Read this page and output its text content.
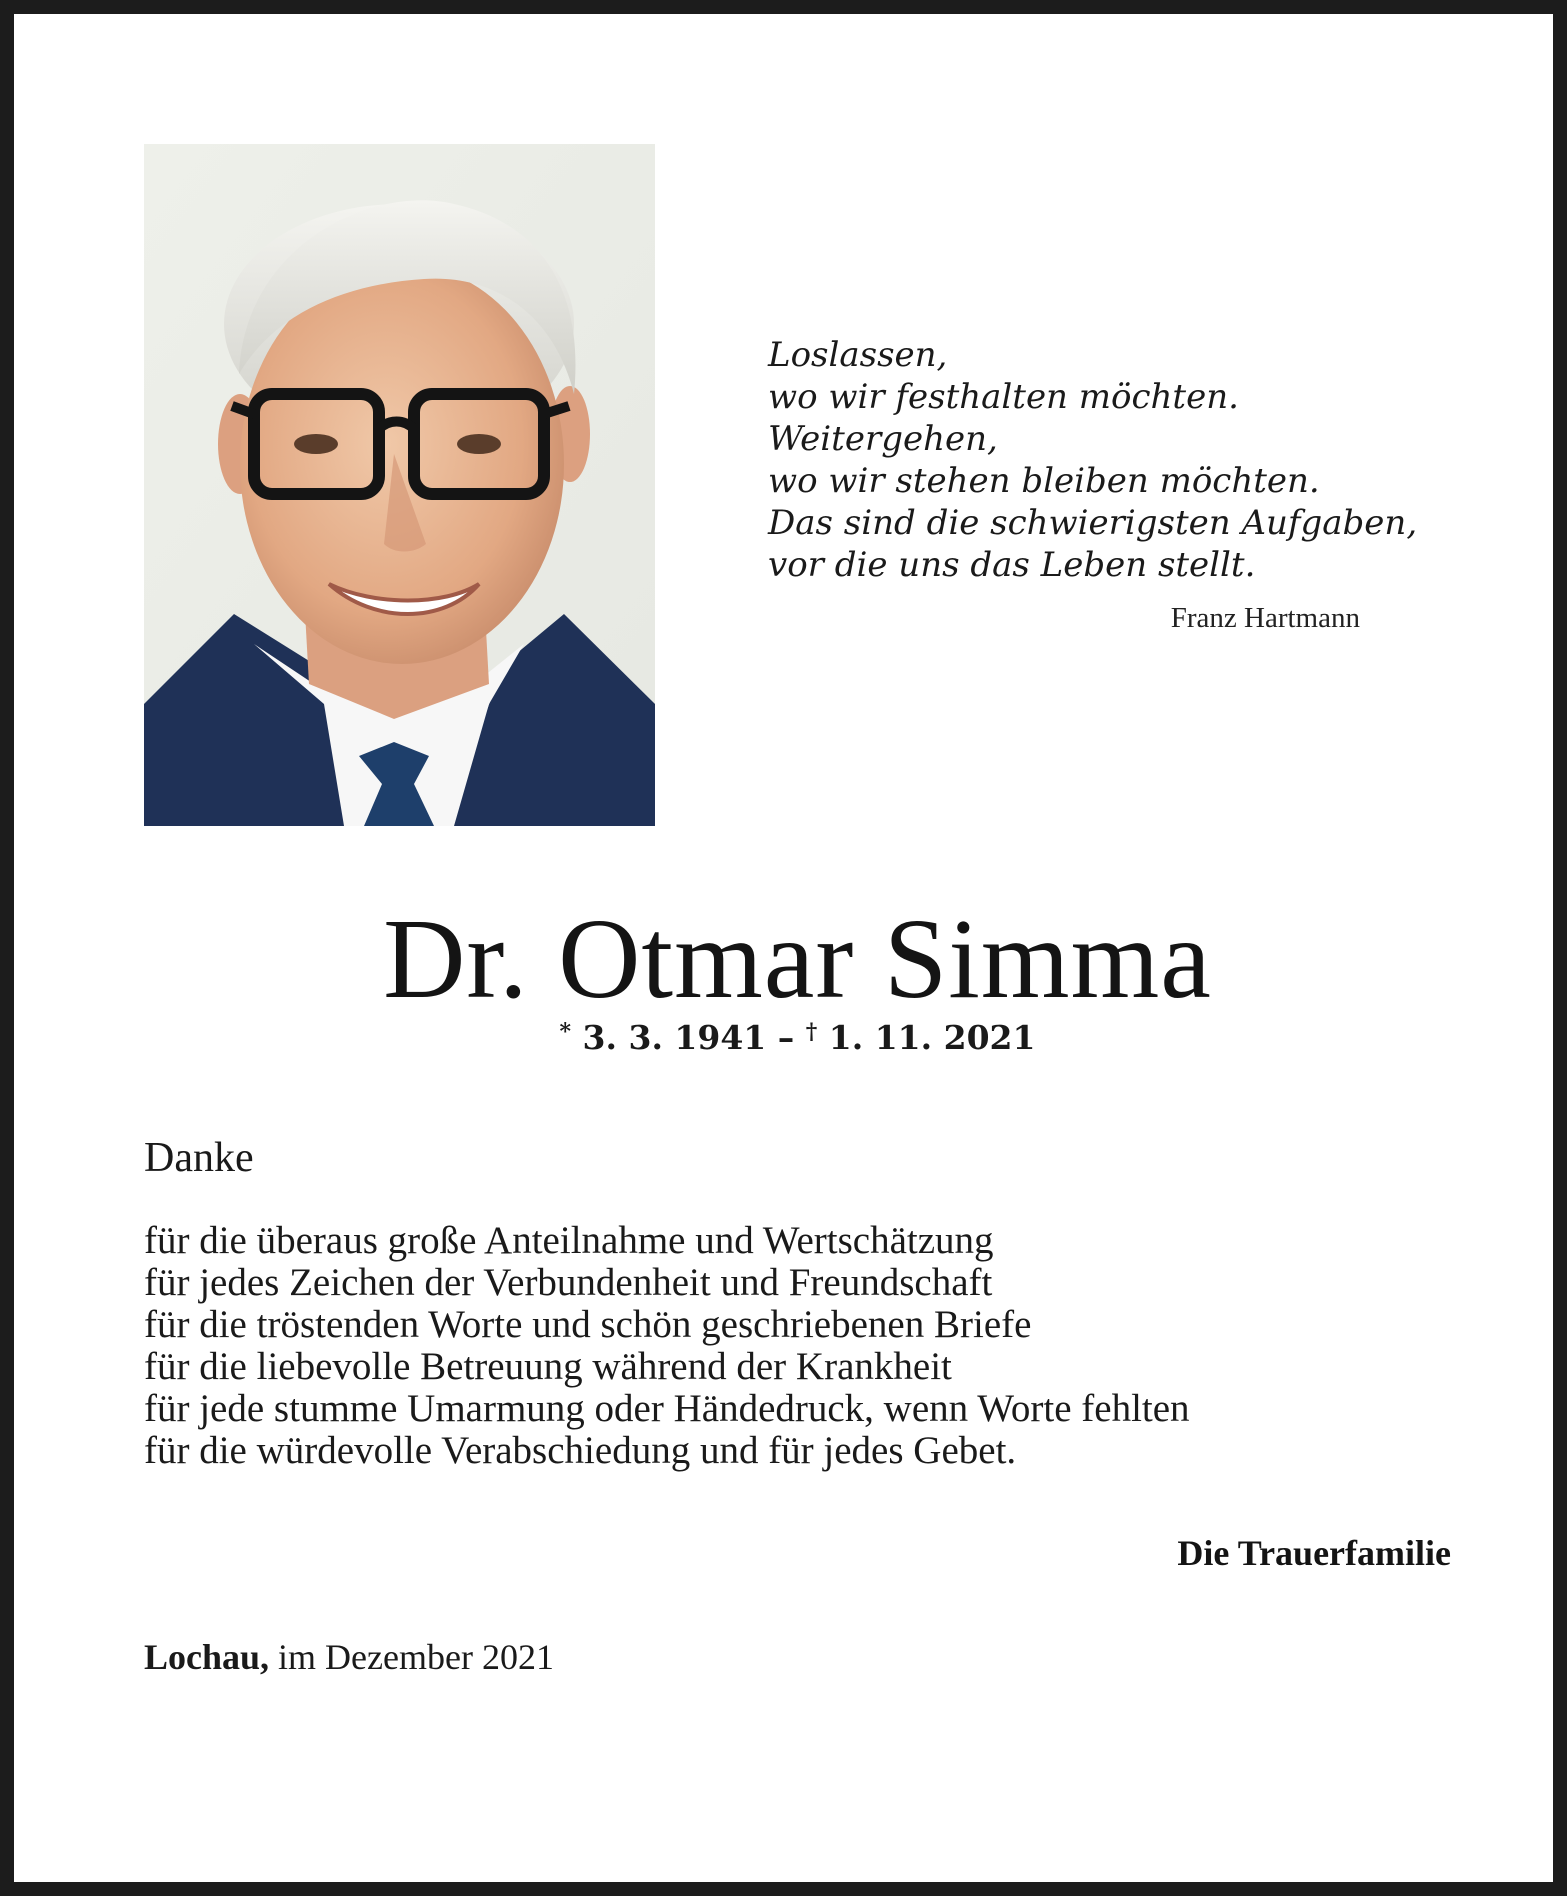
Loslassen,
wo wir festhalten möchten.
Weitergehen,
wo wir stehen bleiben möchten.
Das sind die schwierigsten Aufgaben,
vor die uns das Leben stellt.
Franz Hartmann
Dr. Otmar Simma
* 3. 3. 1941 – † 1. 11. 2021
Danke
für die überaus große Anteilnahme und Wertschätzung
für jedes Zeichen der Verbundenheit und Freundschaft
für die tröstenden Worte und schön geschriebenen Briefe
für die liebevolle Betreuung während der Krankheit
für jede stumme Umarmung oder Händedruck, wenn Worte fehlten
für die würdevolle Verabschiedung und für jedes Gebet.
Die Trauerfamilie
Lochau, im Dezember 2021
